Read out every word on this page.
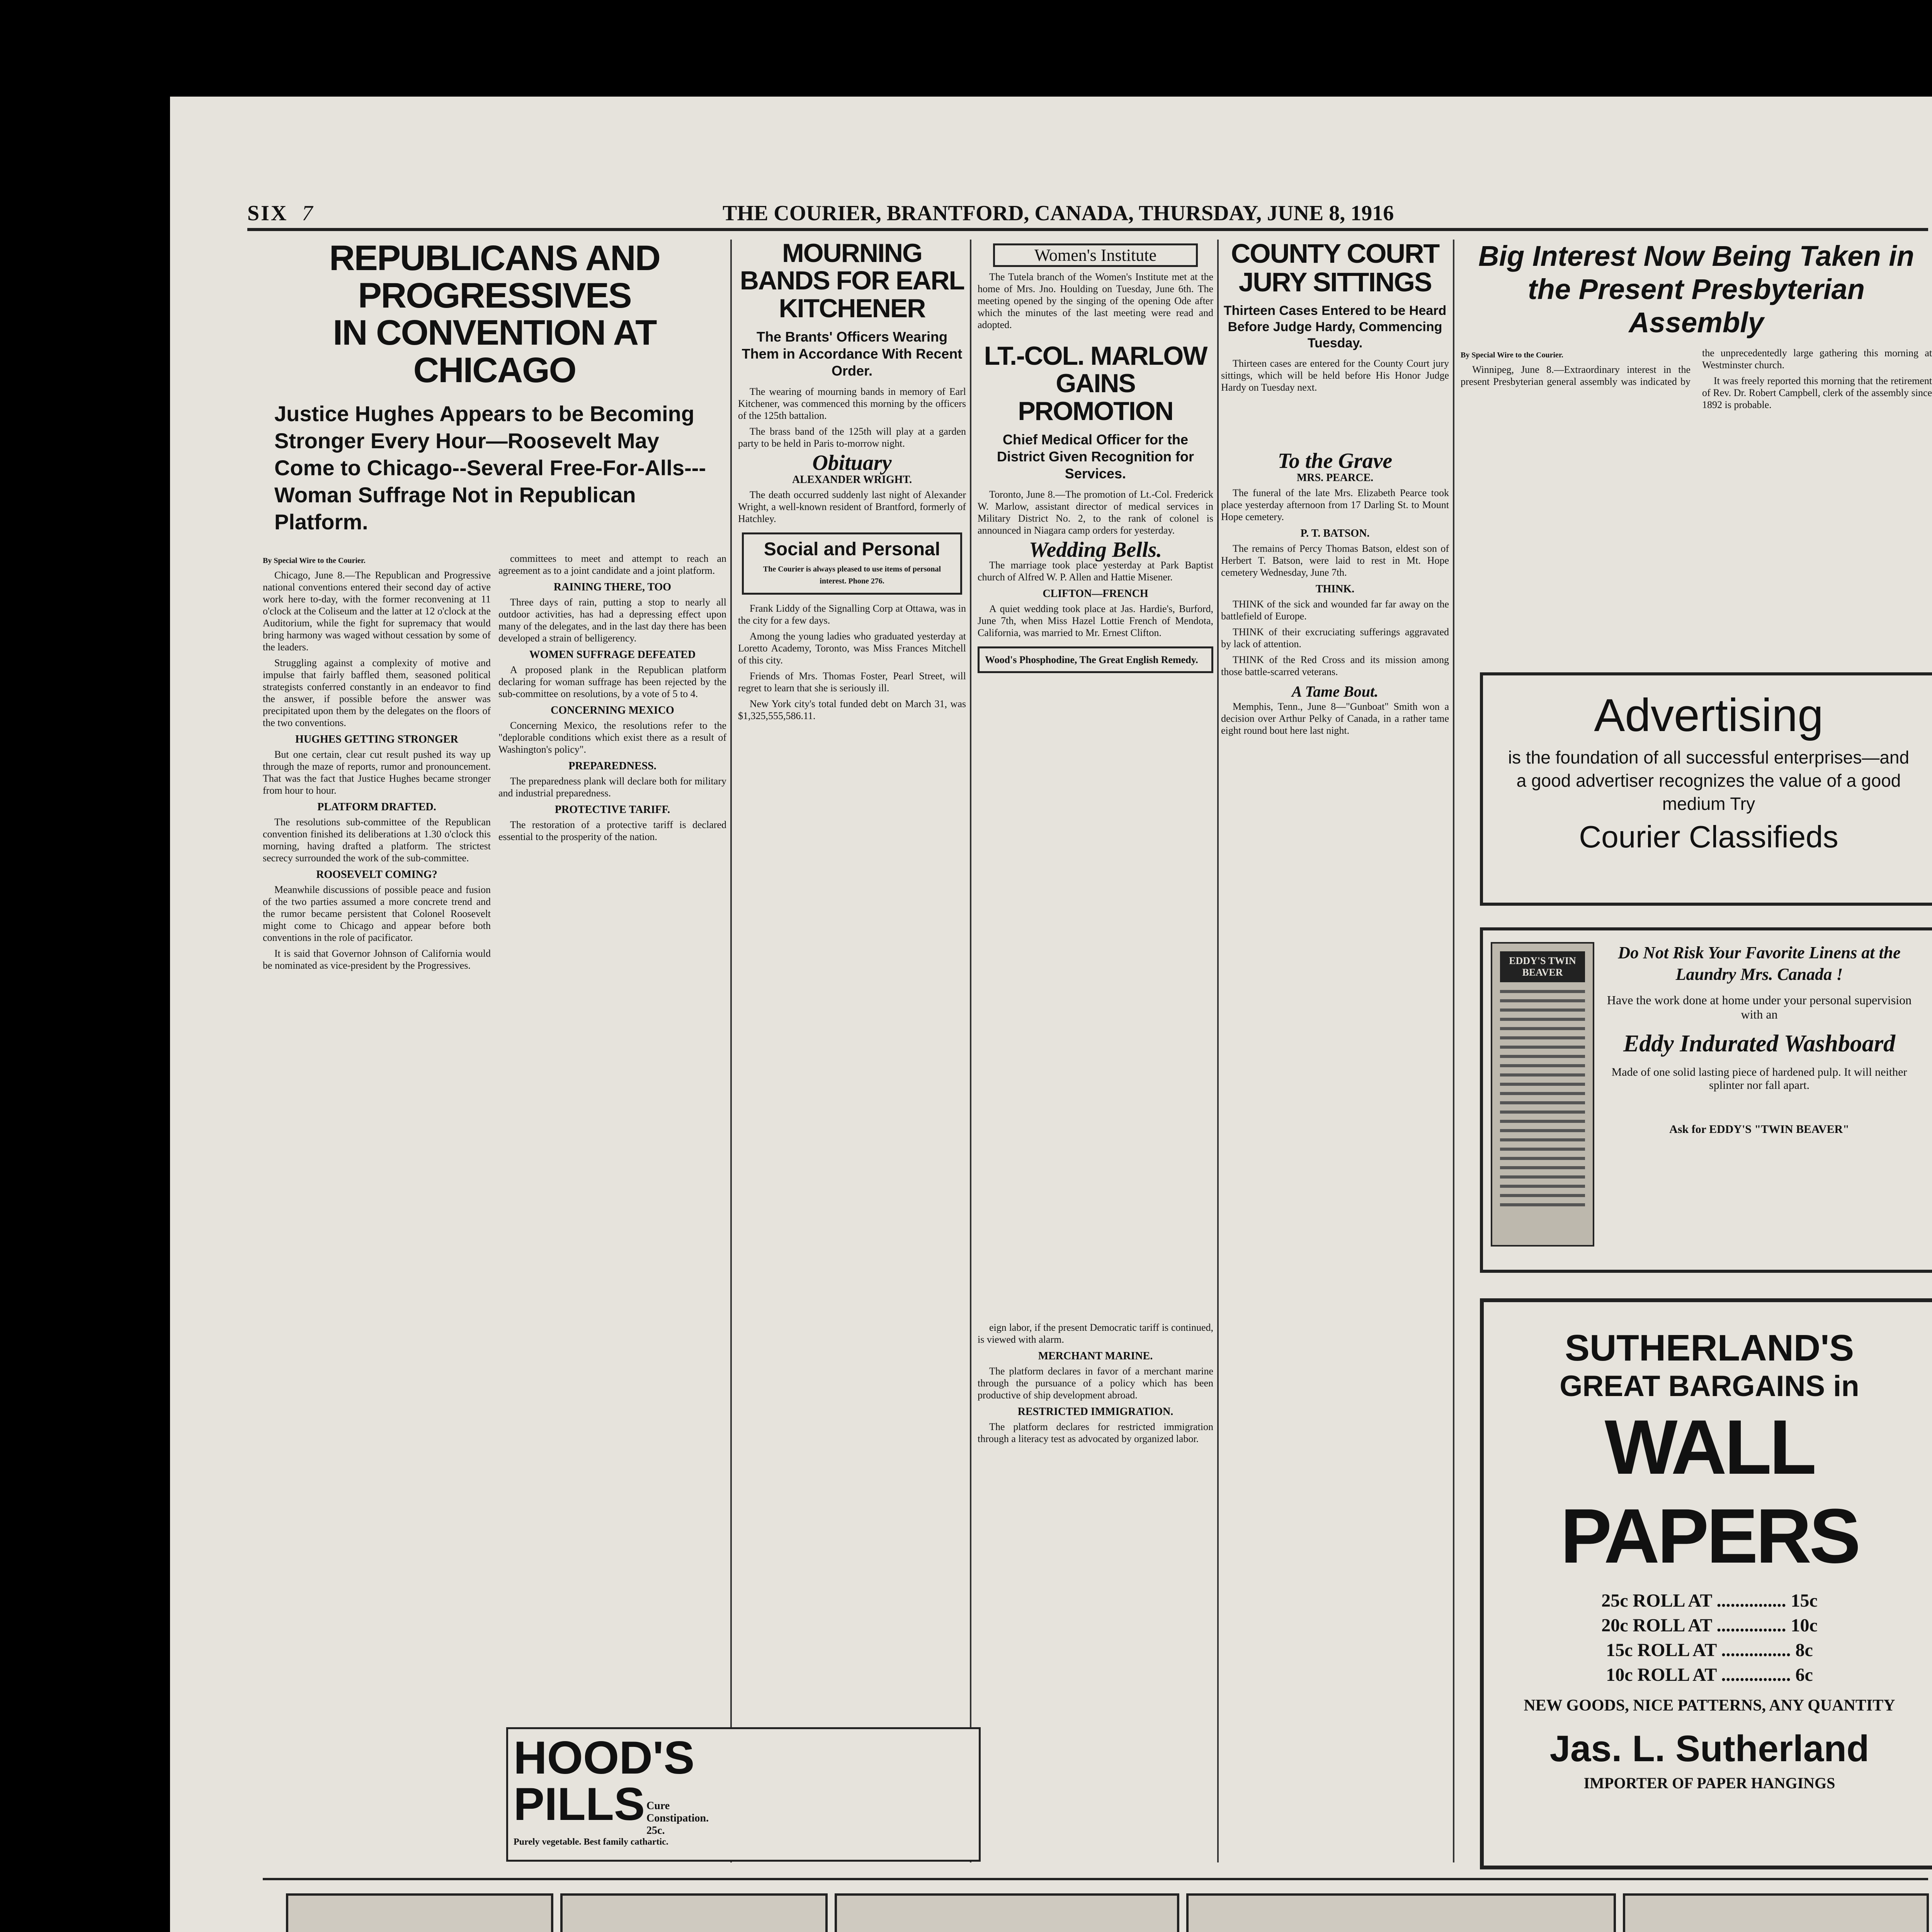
SIX 7	THE COURIER, BRANTFORD, CANADA, THURSDAY, JUNE 8, 1916
REPUBLICANS AND PROGRESSIVES
IN CONVENTION AT CHICAGO
Justice Hughes Appears to be Becoming Stronger Every Hour—Roosevelt May Come to Chicago--Several Free-For-Alls---Woman Suffrage Not in Republican Platform.
By Special Wire to the Courier.

Chicago, June 8.—The Republican and Progressive national conventions entered their second day of active work here to-day, with the former reconvening at 11 o'clock at the Coliseum and the latter at 12 o'clock at the Auditorium, while the fight for supremacy that would bring harmony was waged without cessation by some of the leaders.

Struggling against a complexity of motive and impulse that fairly baffled them, seasoned political strategists conferred constantly in an endeavor to find the answer, if possible before the answer was precipitated upon them by the delegates on the floors of the two conventions.

HUGHES GETTING STRONGER

But one certain, clear cut result pushed its way up through the maze of reports, rumor and pronouncement. That was the fact that Justice Hughes became stronger from hour to hour.

PLATFORM DRAFTED.

The resolutions sub-committee of the Republican convention finished its deliberations at 1.30 o'clock this morning, having drafted a platform. The strictest secrecy surrounded the work of the sub-committee.

ROOSEVELT COMING?

Meanwhile discussions of possible peace and fusion of the two parties assumed a more concrete trend and the rumor became persistent that Colonel Roosevelt might come to Chicago and appear before both conventions in the role of pacificator.

It is said that Governor Johnson of California would be nominated as vice-president by the Progressives.

committees to meet and attempt to reach an agreement as to a joint candidate and a joint platform.

RAINING THERE, TOO

Three days of rain, putting a stop to nearly all outdoor activities, has had a depressing effect upon many of the delegates, and in the last day there has been developed a strain of belligerency.

WOMEN SUFFRAGE DEFEATED

A proposed plank in the Republican platform declaring for woman suffrage has been rejected by the sub-committee on resolutions, by a vote of 5 to 4.

CONCERNING MEXICO

Concerning Mexico, the resolutions refer to the "deplorable conditions which exist there as a result of Washington's policy".

PREPAREDNESS.

The preparedness plank will declare both for military and industrial preparedness.

PROTECTIVE TARIFF.

The restoration of a protective tariff is declared essential to the prosperity of the nation.

MOURNING BANDS FOR EARL KITCHENER
The Brants' Officers Wearing Them in Accordance With Recent Order.

The wearing of mourning bands in memory of Earl Kitchener, was commenced this morning by the officers of the 125th battalion.

The brass band of the 125th will play at a garden party to be held in Paris to-morrow night.

Obituary
ALEXANDER WRIGHT.

The death occurred suddenly last night of Alexander Wright, a well-known resident of Brantford, formerly of Hatchley.

Social and Personal
The Courier is always pleased to use items of personal interest. Phone 276.

Frank Liddy of the Signalling Corp at Ottawa, was in the city for a few days.

Among the young ladies who graduated yesterday at Loretto Academy, Toronto, was Miss Frances Mitchell of this city.

Friends of Mrs. Thomas Foster, Pearl Street, will regret to learn that she is seriously ill.

New York city's total funded debt on March 31, was $1,325,555,586.11.

eign labor, if the present Democratic tariff is continued, is viewed with alarm.

MERCHANT MARINE.

The platform declares in favor of a merchant marine through the pursuance of a policy which has been productive of ship development abroad.

RESTRICTED IMMIGRATION.

The platform declares for restricted immigration through a literacy test as advocated by organized labor.

HOOD'S
PILLS Cure Constipation. 25c.
Purely vegetable. Best family cathartic.
Women's Institute

The Tutela branch of the Women's Institute met at the home of Mrs. Jno. Houlding on Tuesday, June 6th. The meeting opened by the singing of the opening Ode after which the minutes of the last meeting were read and adopted.

LT.-COL. MARLOW GAINS PROMOTION
Chief Medical Officer for the District Given Recognition for Services.

Toronto, June 8.—The promotion of Lt.-Col. Frederick W. Marlow, assistant director of medical services in Military District No. 2, to the rank of colonel is announced in Niagara camp orders for yesterday.

Wedding Bells.

The marriage took place yesterday at Park Baptist church of Alfred W. P. Allen and Hattie Misener.

CLIFTON—FRENCH

A quiet wedding took place at Jas. Hardie's, Burford, June 7th, when Miss Hazel Lottie French of Mendota, California, was married to Mr. Ernest Clifton.

Wood's Phosphodine, The Great English Remedy.
COUNTY COURT JURY SITTINGS
Thirteen Cases Entered to be Heard Before Judge Hardy, Commencing Tuesday.

Thirteen cases are entered for the County Court jury sittings, which will be held before His Honor Judge Hardy on Tuesday next.

To the Grave
MRS. PEARCE.

The funeral of the late Mrs. Elizabeth Pearce took place yesterday afternoon from 17 Darling St. to Mount Hope cemetery.

P. T. BATSON.

The remains of Percy Thomas Batson, eldest son of Herbert T. Batson, were laid to rest in Mt. Hope cemetery Wednesday, June 7th.

THINK.

THINK of the sick and wounded far far away on the battlefield of Europe.

THINK of their excruciating sufferings aggravated by lack of attention.

THINK of the Red Cross and its mission among those battle-scarred veterans.

A Tame Bout.

Memphis, Tenn., June 8—"Gunboat" Smith won a decision over Arthur Pelky of Canada, in a rather tame eight round bout here last night.

Big Interest Now Being Taken in the Present Presbyterian Assembly
By Special Wire to the Courier.

Winnipeg, June 8.—Extraordinary interest in the present Presbyterian general assembly was indicated by the unprecedentedly large gathering this morning at Westminster church.

It was freely reported this morning that the retirement of Rev. Dr. Robert Campbell, clerk of the assembly since 1892 is probable.

Advertising
is the foundation of all successful enterprises—and a good advertiser recognizes the value of a good medium Try
Courier Classifieds
EDDY'S TWIN BEAVER
Do Not Risk Your Favorite Linens at the Laundry Mrs. Canada !
Have the work done at home under your personal supervision with an
Eddy Indurated Washboard
Made of one solid lasting piece of hardened pulp. It will neither splinter nor fall apart.
Ask for EDDY'S "TWIN BEAVER"
SUTHERLAND'S
GREAT BARGAINS in
WALL PAPERS
25c ROLL AT ............... 15c
20c ROLL AT ............... 10c
15c ROLL AT ............... 8c
10c ROLL AT ............... 6c
NEW GOODS, NICE PATTERNS, ANY QUANTITY
Jas. L. Sutherland
IMPORTER OF PAPER HANGINGS
